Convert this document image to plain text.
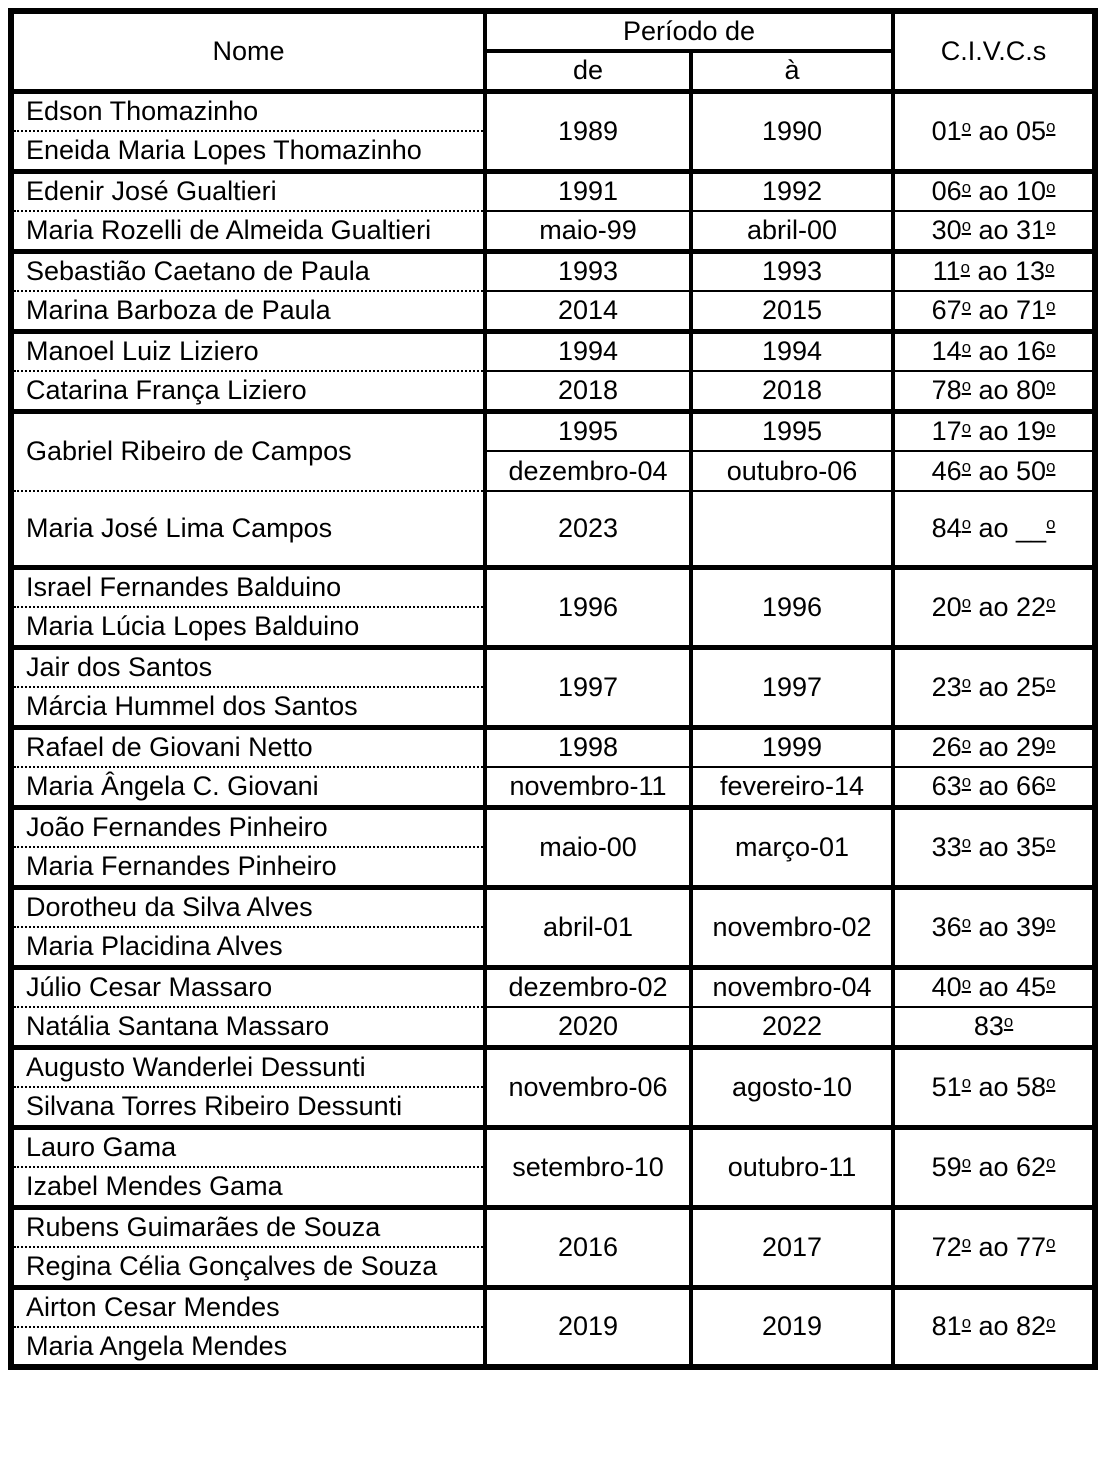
Nome	Período de		C.I.V.C.s
	de	à	
Edson Thomazinho	1989	1990	01o ao 05o
Eneida Maria Lopes Thomazinho			
Edenir José Gualtieri	1991	1992	06o ao 10o
Maria Rozelli de Almeida Gualtieri	maio-99	abril-00	30o ao 31o
Sebastião Caetano de Paula	1993	1993	11o ao 13o
Marina Barboza de Paula	2014	2015	67o ao 71o
Manoel Luiz Liziero	1994	1994	14o ao 16o
Catarina França Liziero	2018	2018	78o ao 80o
Gabriel Ribeiro de Campos	1995	1995	17o ao 19o
	dezembro-04	outubro-06	46o ao 50o
Maria José Lima Campos	2023		84o ao __o
Israel Fernandes Balduino	1996	1996	20o ao 22o
Maria Lúcia Lopes Balduino			
Jair dos Santos	1997	1997	23o ao 25o
Márcia Hummel dos Santos			
Rafael de Giovani Netto	1998	1999	26o ao 29o
Maria Ângela C. Giovani	novembro-11	fevereiro-14	63o ao 66o
João Fernandes Pinheiro	maio-00	março-01	33o ao 35o
Maria Fernandes Pinheiro			
Dorotheu da Silva Alves	abril-01	novembro-02	36o ao 39o
Maria Placidina Alves			
Júlio Cesar Massaro	dezembro-02	novembro-04	40o ao 45o
Natália Santana Massaro	2020	2022	83o
Augusto Wanderlei Dessunti	novembro-06	agosto-10	51o ao 58o
Silvana Torres Ribeiro Dessunti			
Lauro Gama	setembro-10	outubro-11	59o ao 62o
Izabel Mendes Gama			
Rubens Guimarães de Souza	2016	2017	72o ao 77o
Regina Célia Gonçalves de Souza			
Airton Cesar Mendes	2019	2019	81o ao 82o
Maria Angela Mendes			
